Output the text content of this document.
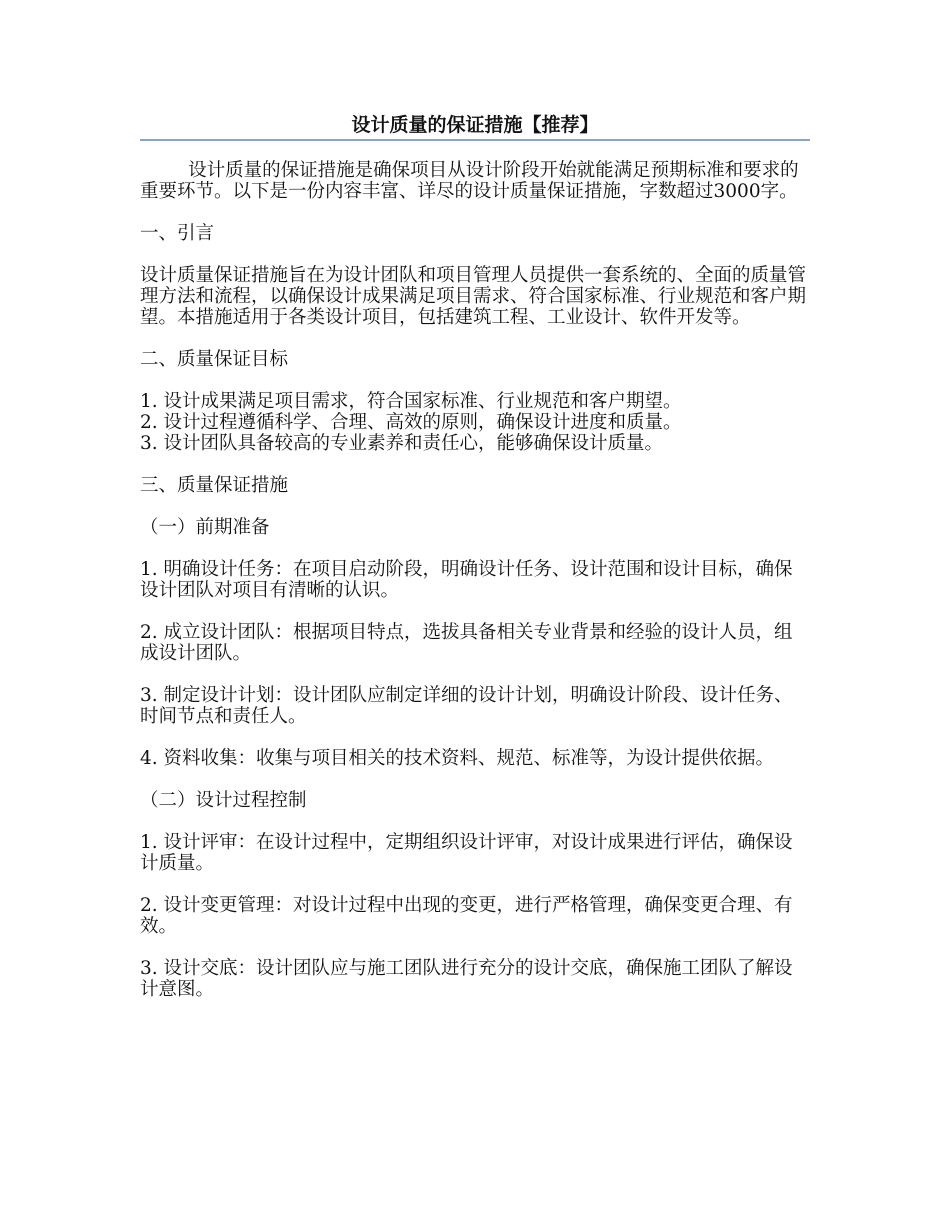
设计质量的保证措施【推荐】

设计质量的保证措施是确保项目从设计阶段开始就能满足预期标准和要求的重要环节。以下是一份内容丰富、详尽的设计质量保证措施，字数超过3000字。

一、引言

设计质量保证措施旨在为设计团队和项目管理人员提供一套系统的、全面的质量管理方法和流程，以确保设计成果满足项目需求、符合国家标准、行业规范和客户期望。本措施适用于各类设计项目，包括建筑工程、工业设计、软件开发等。

二、质量保证目标

1. 设计成果满足项目需求，符合国家标准、行业规范和客户期望。

2. 设计过程遵循科学、合理、高效的原则，确保设计进度和质量。

3. 设计团队具备较高的专业素养和责任心，能够确保设计质量。

三、质量保证措施

（一）前期准备

1. 明确设计任务：在项目启动阶段，明确设计任务、设计范围和设计目标，确保设计团队对项目有清晰的认识。

2. 成立设计团队：根据项目特点，选拔具备相关专业背景和经验的设计人员，组成设计团队。

3. 制定设计计划：设计团队应制定详细的设计计划，明确设计阶段、设计任务、时间节点和责任人。

4. 资料收集：收集与项目相关的技术资料、规范、标准等，为设计提供依据。

（二）设计过程控制

1. 设计评审：在设计过程中，定期组织设计评审，对设计成果进行评估，确保设计质量。

2. 设计变更管理：对设计过程中出现的变更，进行严格管理，确保变更合理、有效。

3. 设计交底：设计团队应与施工团队进行充分的设计交底，确保施工团队了解设计意图。
